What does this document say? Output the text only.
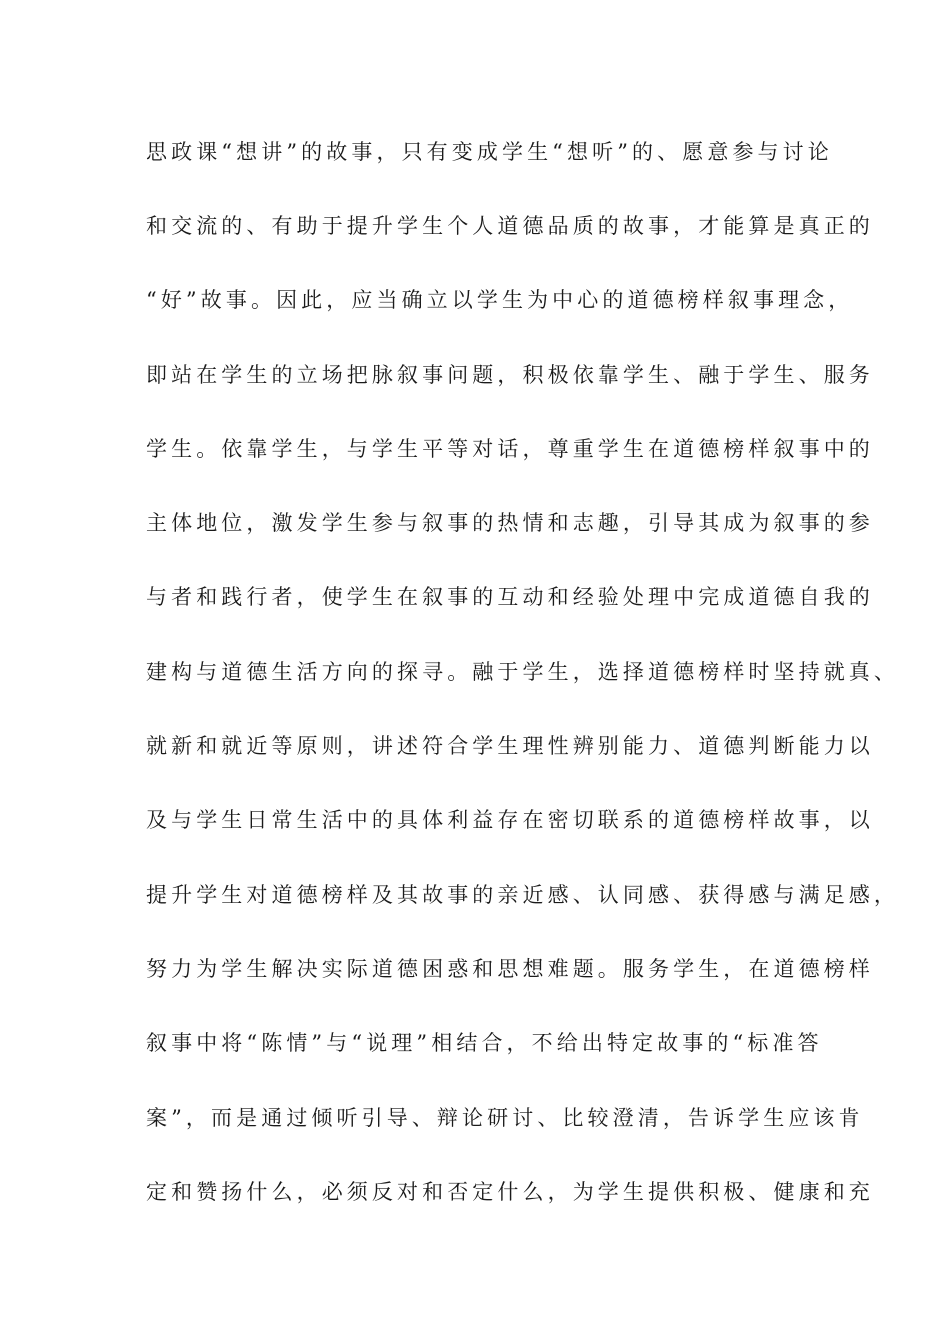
思政课“想讲”的故事，只有变成学生“想听”的、愿意参与讨论
和交流的、有助于提升学生个人道德品质的故事，才能算是真正的
“好”故事。因此，应当确立以学生为中心的道德榜样叙事理念，
即站在学生的立场把脉叙事问题，积极依靠学生、融于学生、服务
学生。依靠学生，与学生平等对话，尊重学生在道德榜样叙事中的
主体地位，激发学生参与叙事的热情和志趣，引导其成为叙事的参
与者和践行者，使学生在叙事的互动和经验处理中完成道德自我的
建构与道德生活方向的探寻。融于学生，选择道德榜样时坚持就真、
就新和就近等原则，讲述符合学生理性辨别能力、道德判断能力以
及与学生日常生活中的具体利益存在密切联系的道德榜样故事，以
提升学生对道德榜样及其故事的亲近感、认同感、获得感与满足感，
努力为学生解决实际道德困惑和思想难题。服务学生，在道德榜样
叙事中将“陈情”与“说理”相结合，不给出特定故事的“标准答
案”，而是通过倾听引导、辩论研讨、比较澄清，告诉学生应该肯
定和赞扬什么，必须反对和否定什么，为学生提供积极、健康和充
